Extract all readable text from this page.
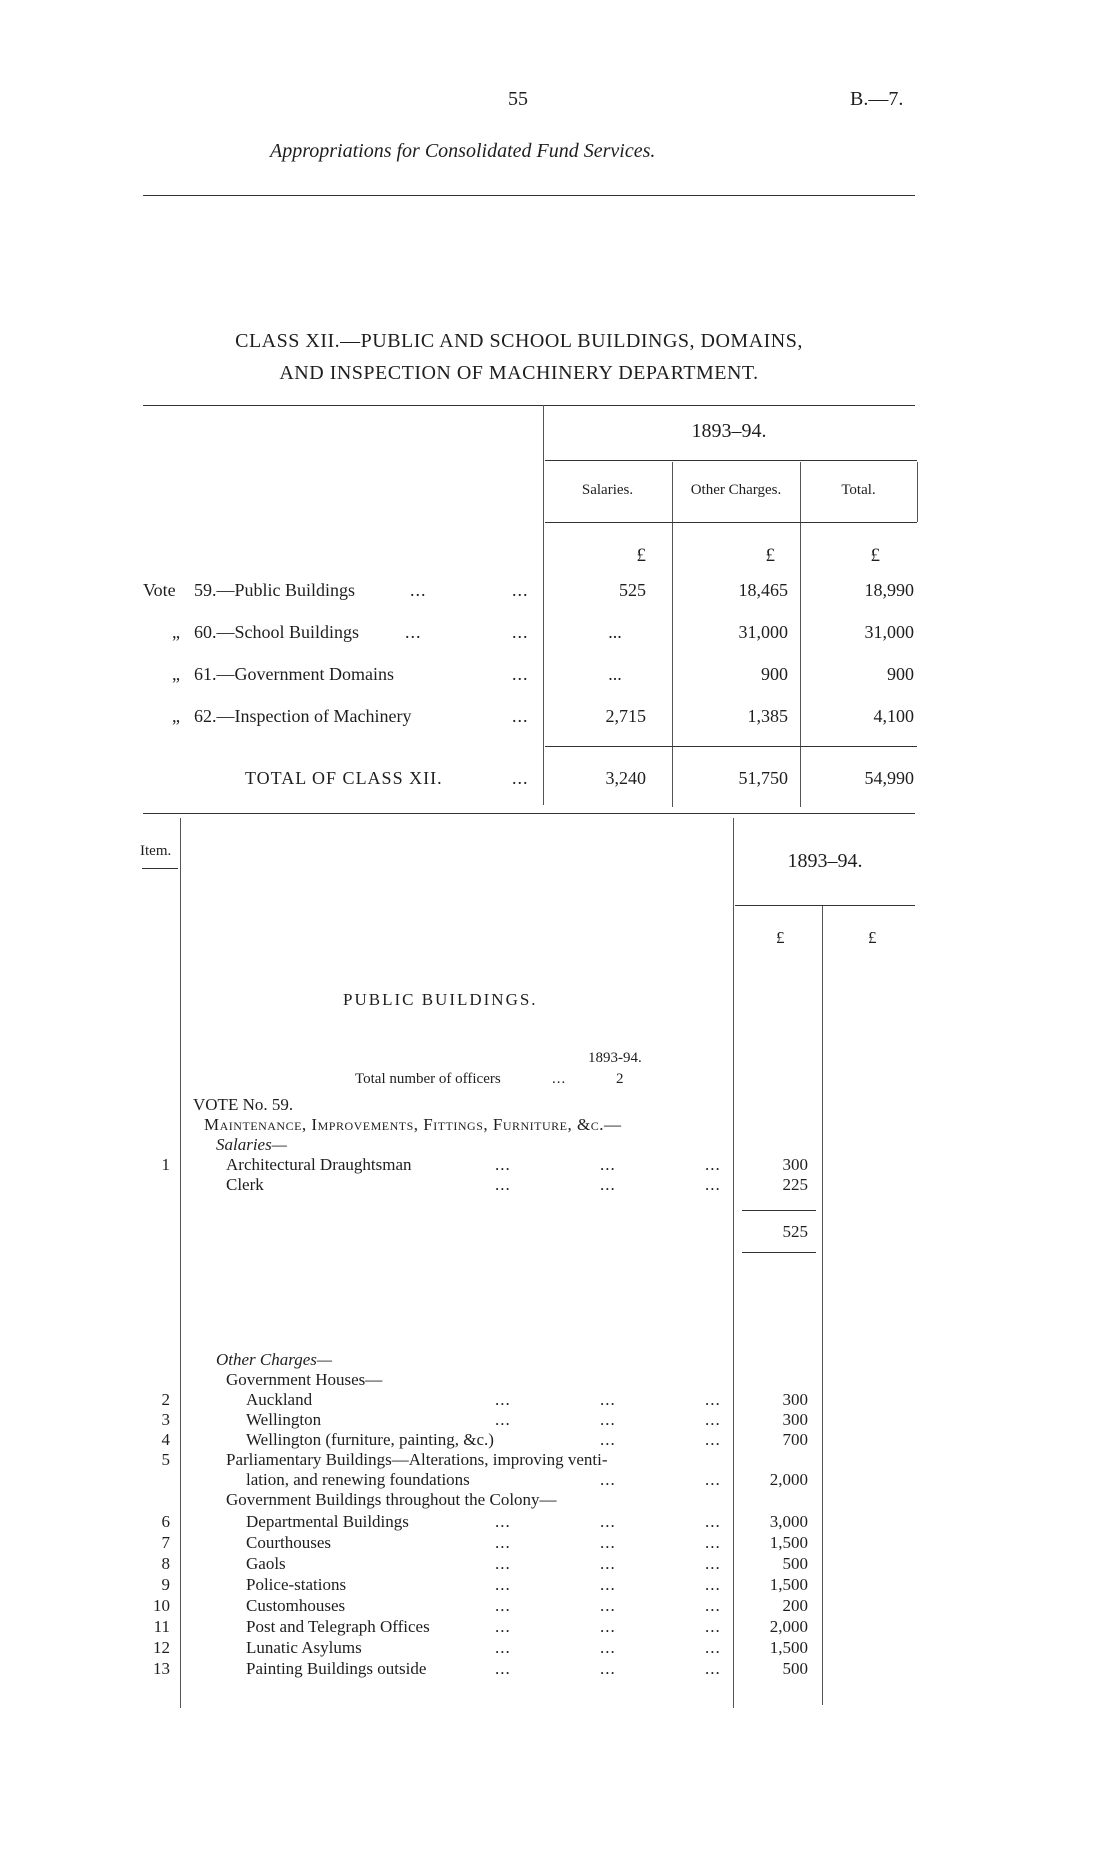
55	B.—7.
Appropriations for Consolidated Fund Services.
CLASS XII.—PUBLIC AND SCHOOL BUILDINGS, DOMAINS,
AND INSPECTION OF MACHINERY DEPARTMENT.
1893–94.
Salaries.	Other Charges.	Total.
£	£	£
Vote 59.—Public Buildings	...	...	525	18,465	18,990
„ 60.—School Buildings	...	...	...	31,000	31,000
„ 61.—Government Domains	...	...	900	900
„ 62.—Inspection of Machinery	...	2,715	1,385	4,100
TOTAL OF CLASS XII.	...	3,240	51,750	54,990
Item.	1893–94.
£	£
PUBLIC BUILDINGS.
1893-94.
Total number of officers	...	2
VOTE No. 59.
Maintenance, Improvements, Fittings, Furniture, &c.—
Salaries—
1	Architectural Draughtsman	...	...	...	300
Clerk	...	...	...	225
525
Other Charges—
Government Houses—
2	Auckland	...	...	...	300
3	Wellington	...	...	...	300
4	Wellington (furniture, painting, &c.)	...	...	700
5	Parliamentary Buildings—Alterations, improving venti-
lation, and renewing foundations	...	...	2,000
Government Buildings throughout the Colony—
6	Departmental Buildings	...	...	...	3,000
7	Courthouses	...	...	...	1,500
8	Gaols	...	...	...	500
9	Police-stations	...	...	...	1,500
10	Customhouses	...	...	...	200
11	Post and Telegraph Offices	...	...	...	2,000
12	Lunatic Asylums	...	...	...	1,500
13	Painting Buildings outside	...	...	...	500
